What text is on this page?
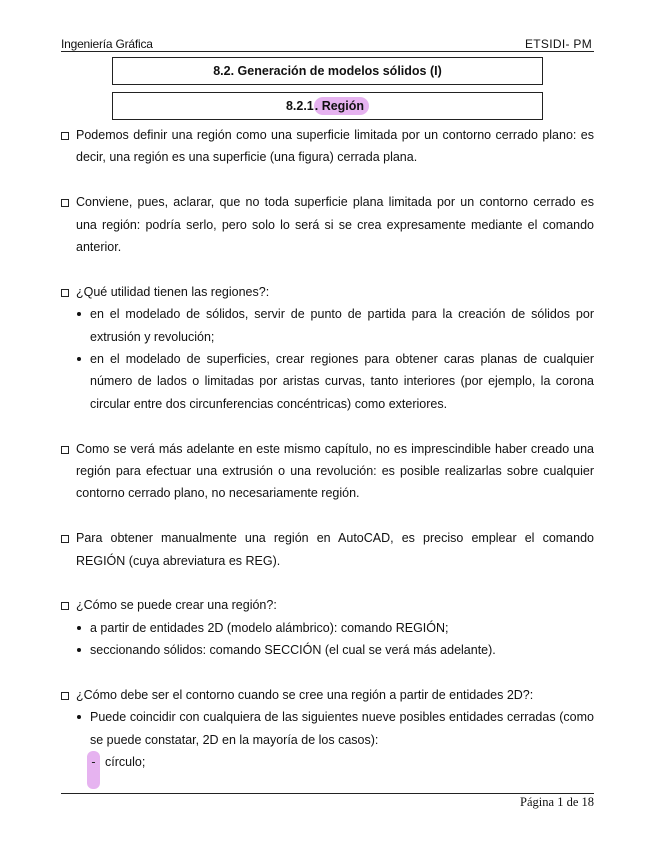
Ingeniería Gráfica	ETSIDI- PM
8.2. Generación de modelos sólidos (I)
8.2.1. Región
Podemos definir una región como una superficie limitada por un contorno cerrado plano: es decir, una región es una superficie (una figura) cerrada plana.
Conviene, pues, aclarar, que no toda superficie plana limitada por un contorno cerrado es una región: podría serlo, pero solo lo será si se crea expresamente mediante el comando anterior.
¿Qué utilidad tienen las regiones?:
en el modelado de sólidos, servir de punto de partida para la creación de sólidos por extrusión y revolución;
en el modelado de superficies, crear regiones para obtener caras planas de cualquier número de lados o limitadas por aristas curvas, tanto interiores (por ejemplo, la corona circular entre dos circunferencias concéntricas) como exteriores.
Como se verá más adelante en este mismo capítulo, no es imprescindible haber creado una región para efectuar una extrusión o una revolución: es posible realizarlas sobre cualquier contorno cerrado plano, no necesariamente región.
Para obtener manualmente una región en AutoCAD, es preciso emplear el comando REGIÓN (cuya abreviatura es REG).
¿Cómo se puede crear una región?:
a partir de entidades 2D (modelo alámbrico): comando REGIÓN;
seccionando sólidos: comando SECCIÓN (el cual se verá más adelante).
¿Cómo debe ser el contorno cuando se cree una región a partir de entidades 2D?:
Puede coincidir con cualquiera de las siguientes nueve posibles entidades cerradas (como se puede constatar, 2D en la mayoría de los casos):
- círculo;
Página 1 de 18
